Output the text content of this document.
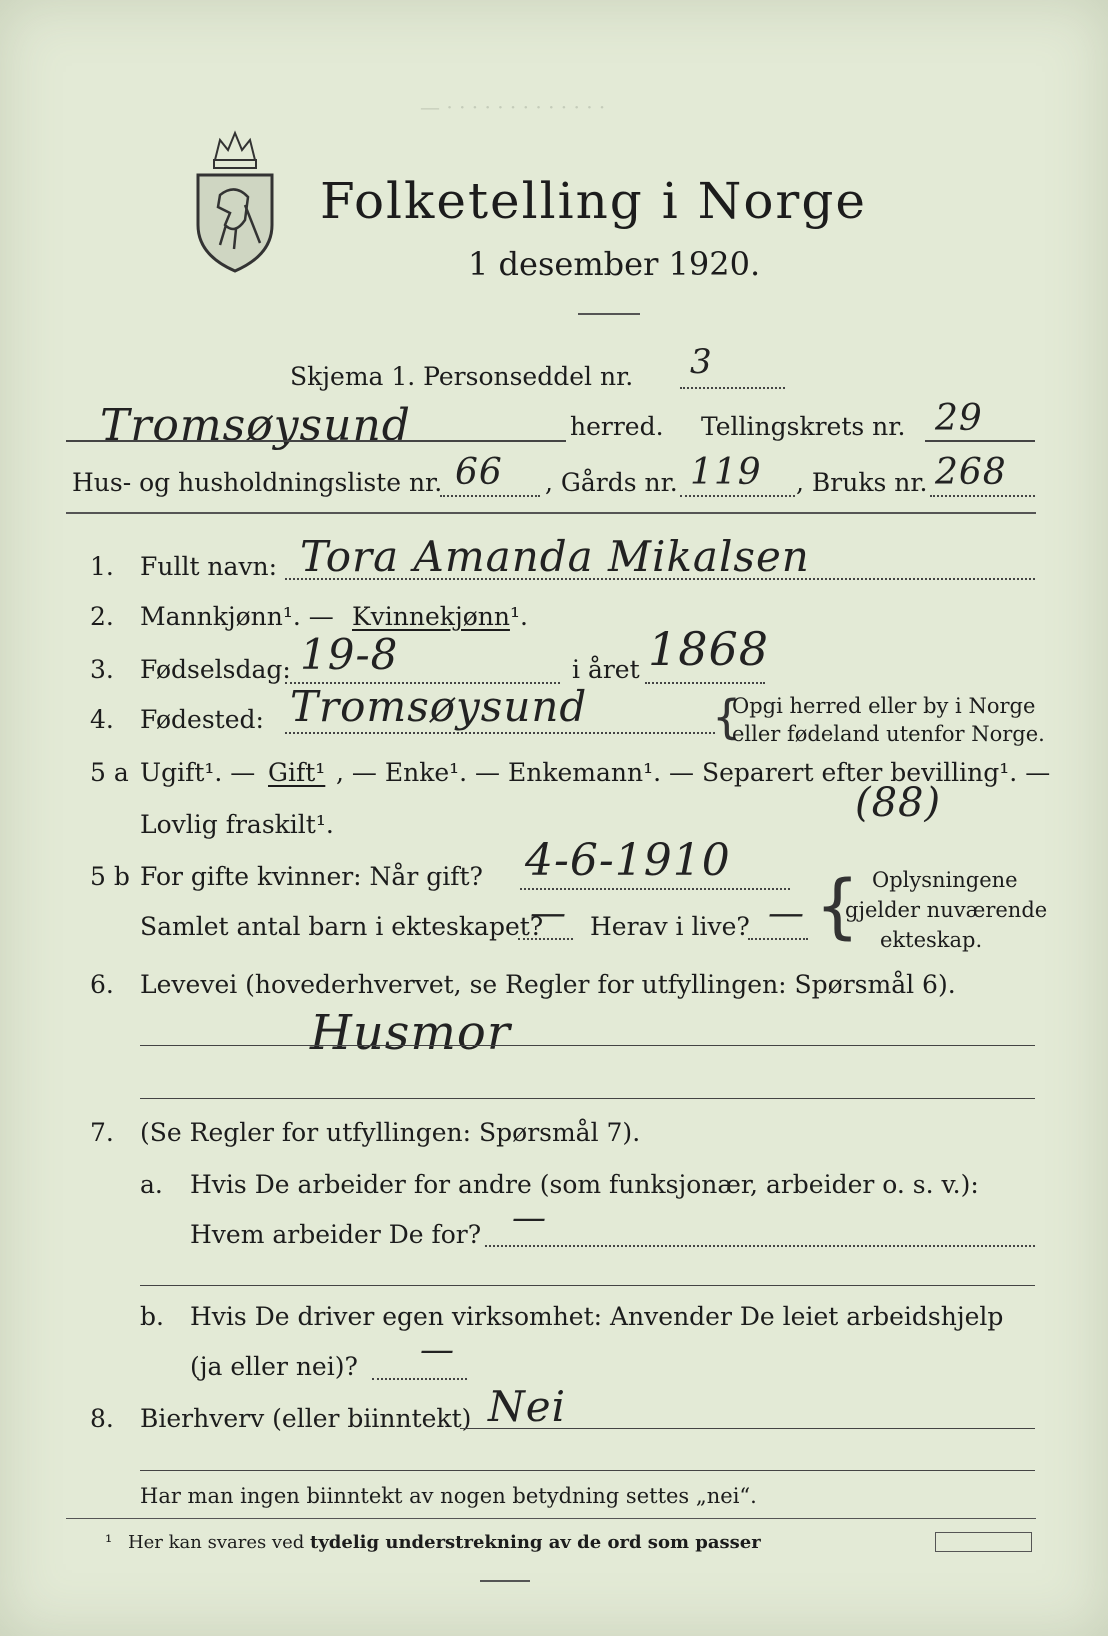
— · · · · · · · · · · · · ·
Folketelling i Norge
1 desember 1920.
Skjema 1. Personseddel nr. 3
Tromsøysund	herred. Tellingskrets nr. 29
Hus- og husholdningsliste nr. 66 , Gårds nr. 119 , Bruks nr. 268
1. Fullt navn: Tora Amanda Mikalsen
2. Mannkjønn¹. — Kvinnekjønn¹.
3. Fødselsdag: 19-8	i året 1868
4. Fødested: Tromsøysund	{
Opgi herred eller by i Norge
eller fødeland utenfor Norge.
5 a Ugift¹. — Gift¹ , — Enke¹. — Enkemann¹. — Separert efter bevilling¹. —
Lovlig fraskilt¹.	(88)
5 b For gifte kvinner: Når gift? 4-6-1910
Samlet antal barn i ekteskapet?
— Herav i live? — { Oplysningene
gjelder nuværende
ekteskap.
6. Levevei (hovederhvervet, se Regler for utfyllingen: Spørsmål 6).
Husmor
7. (Se Regler for utfyllingen: Spørsmål 7).
a. Hvis De arbeider for andre (som funksjonær, arbeider o. s. v.):
Hvem arbeider De for? —
b. Hvis De driver egen virksomhet: Anvender De leiet arbeidshjelp
(ja eller nei)? —
8. Bierhverv (eller biinntekt) Nei
Har man ingen biinntekt av nogen betydning settes „nei“.
¹ Her kan svares ved tydelig understrekning av de ord som passer
